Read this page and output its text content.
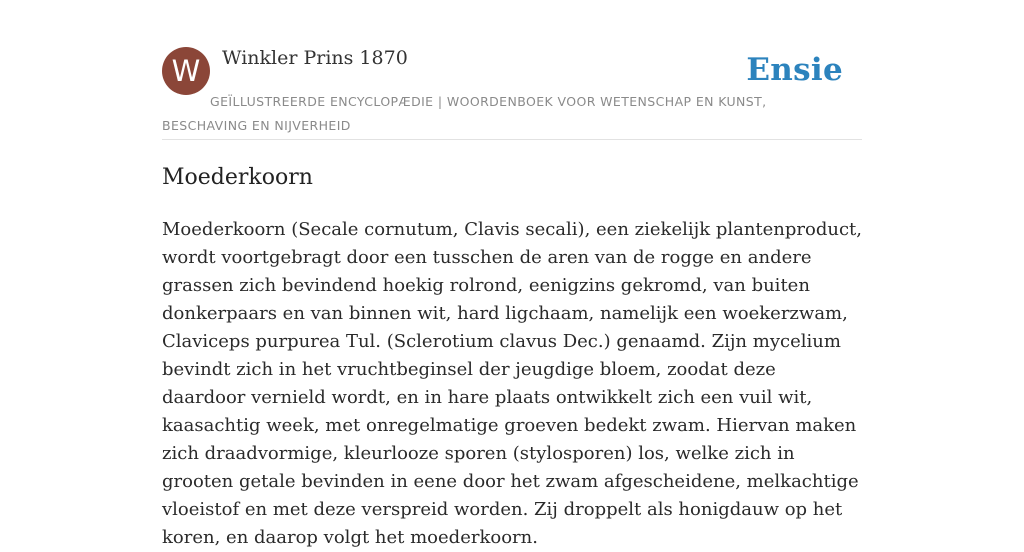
W	Winkler Prins 1870	Ensie
GEÏLLUSTREERDE ENCYCLOPÆDIE | WOORDENBOEK VOOR WETENSCHAP EN KUNST, BESCHAVING EN NIJVERHEID
Moederkoorn

Moederkoorn (Secale cornutum, Clavis secali), een ziekelijk plantenproduct, wordt voortgebragt door een tusschen de aren van de rogge en andere grassen zich bevindend hoekig rolrond, eenigzins gekromd, van buiten donkerpaars en van binnen wit, hard ligchaam, namelijk een woekerzwam, Claviceps purpurea Tul. (Sclerotium clavus Dec.) genaamd. Zijn mycelium bevindt zich in het vruchtbeginsel der jeugdige bloem, zoodat deze daardoor vernield wordt, en in hare plaats ontwikkelt zich een vuil wit, kaasachtig week, met onregelmatige groeven bedekt zwam. Hiervan maken zich draadvormige, kleurlooze sporen (stylosporen) los, welke zich in grooten getale bevinden in eene door het zwam afgescheidene, melkachtige vloeistof en met deze verspreid worden. Zij droppelt als honigdauw op het koren, en daarop volgt het moederkoorn.
